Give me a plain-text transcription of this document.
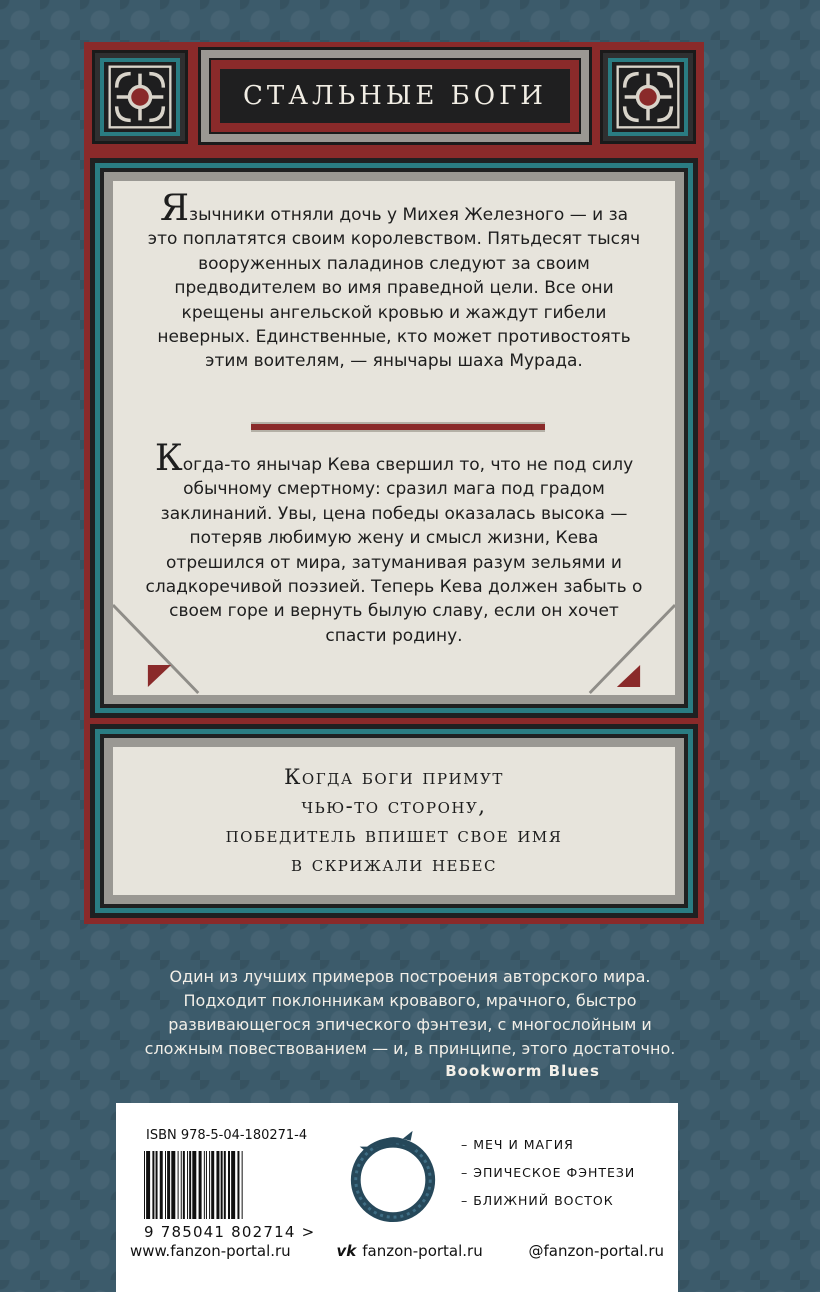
СТАЛЬНЫЕ БОГИ
Язычники отняли дочь у Михея Железного — и за это поплатятся своим королевством. Пятьдесят тысяч вооруженных паладинов следуют за своим предводителем во имя праведной цели. Все они крещены ангельской кровью и жаждут гибели неверных. Единственные, кто может противостоять этим воителям, — янычары шаха Мурада.
Когда-то янычар Кева свершил то, что не под силу обычному смертному: сразил мага под градом заклинаний. Увы, цена победы оказалась высока — потеряв любимую жену и смысл жизни, Кева отрешился от мира, затуманивая разум зельями и сладкоречивой поэзией. Теперь Кева должен забыть о своем горе и вернуть былую славу, если он хочет спасти родину.
Когда боги примут
чью-то сторону,
победитель впишет свое имя
в скрижали небес
Один из лучших примеров построения авторского мира. Подходит поклонникам кровавого, мрачного, быстро развивающегося эпического фэнтези, с многослойным и сложным повествованием — и, в принципе, этого достаточно.
Bookworm Blues
ISBN 978-5-04-180271-4
9 785041 802714 >
– МЕЧ И МАГИЯ
– ЭПИЧЕСКОЕ ФЭНТЕЗИ
– БЛИЖНИЙ ВОСТОК
www.fanzon-portal.ru	vk fanzon-portal.ru	@fanzon-portal.ru
